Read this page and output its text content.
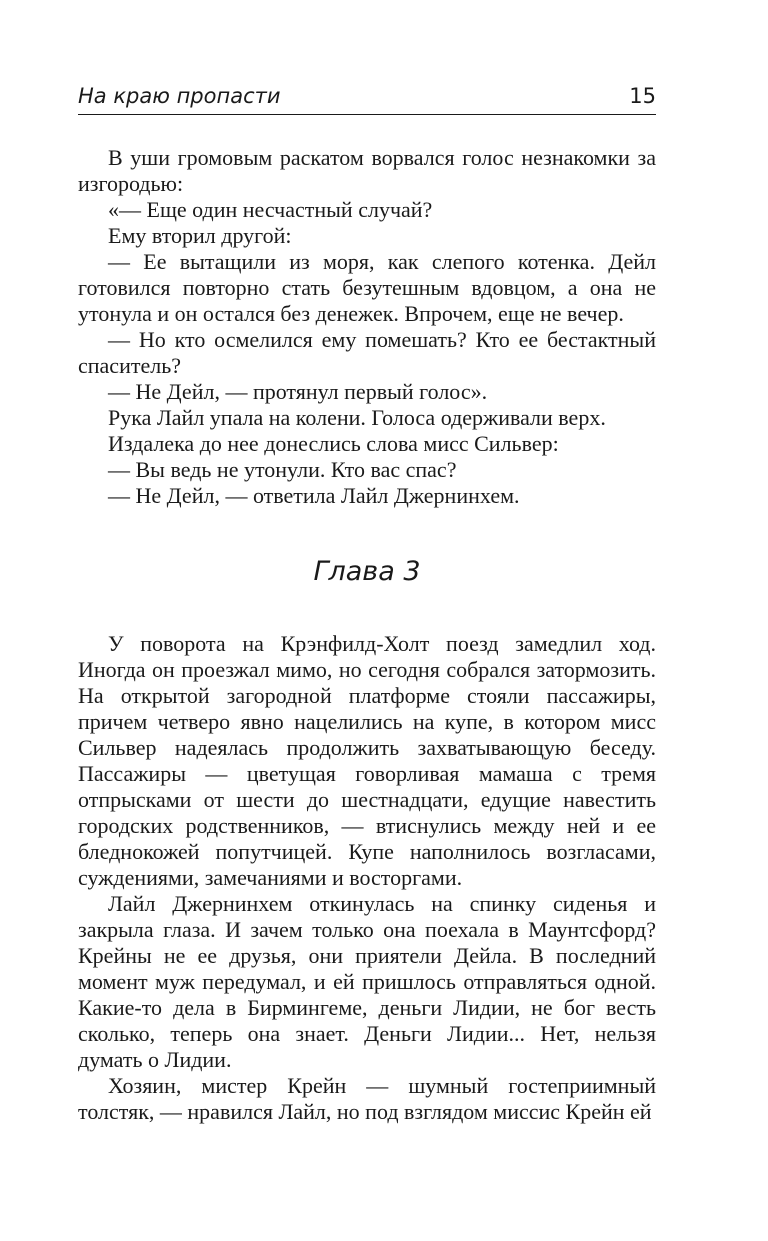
На краю пропасти	15

В уши громовым раскатом ворвался голос незнакомки за изгородью:

«— Еще один несчастный случай?

Ему вторил другой:

— Ее вытащили из моря, как слепого котенка. Дейл готовился повторно стать безутешным вдовцом, а она не утонула и он остался без денежек. Впрочем, еще не вечер.

— Но кто осмелился ему помешать? Кто ее бестактный спаситель?

— Не Дейл, — протянул первый голос».

Рука Лайл упала на колени. Голоса одерживали верх.

Издалека до нее донеслись слова мисс Сильвер:

— Вы ведь не утонули. Кто вас спас?

— Не Дейл, — ответила Лайл Джернинхем.

Глава 3

У поворота на Крэнфилд-Холт поезд замедлил ход. Иногда он проезжал мимо, но сегодня собрался затормозить. На открытой загородной платформе стояли пассажиры, причем четверо явно нацелились на купе, в котором мисс Сильвер надеялась продолжить захватывающую беседу. Пассажиры — цветущая говорливая мамаша с тремя отпрысками от шести до шестнадцати, едущие навестить городских родственников, — втиснулись между ней и ее бледнокожей попутчицей. Купе наполнилось возгласами, суждениями, замечаниями и восторгами.

Лайл Джернинхем откинулась на спинку сиденья и закрыла глаза. И зачем только она поехала в Маунтсфорд? Крейны не ее друзья, они приятели Дейла. В последний момент муж передумал, и ей пришлось отправляться одной. Какие-то дела в Бирмингеме, деньги Лидии, не бог весть сколько, теперь она знает. Деньги Лидии... Нет, нельзя думать о Лидии.

Хозяин, мистер Крейн — шумный гостеприимный толстяк, — нравился Лайл, но под взглядом миссис Крейн ей
